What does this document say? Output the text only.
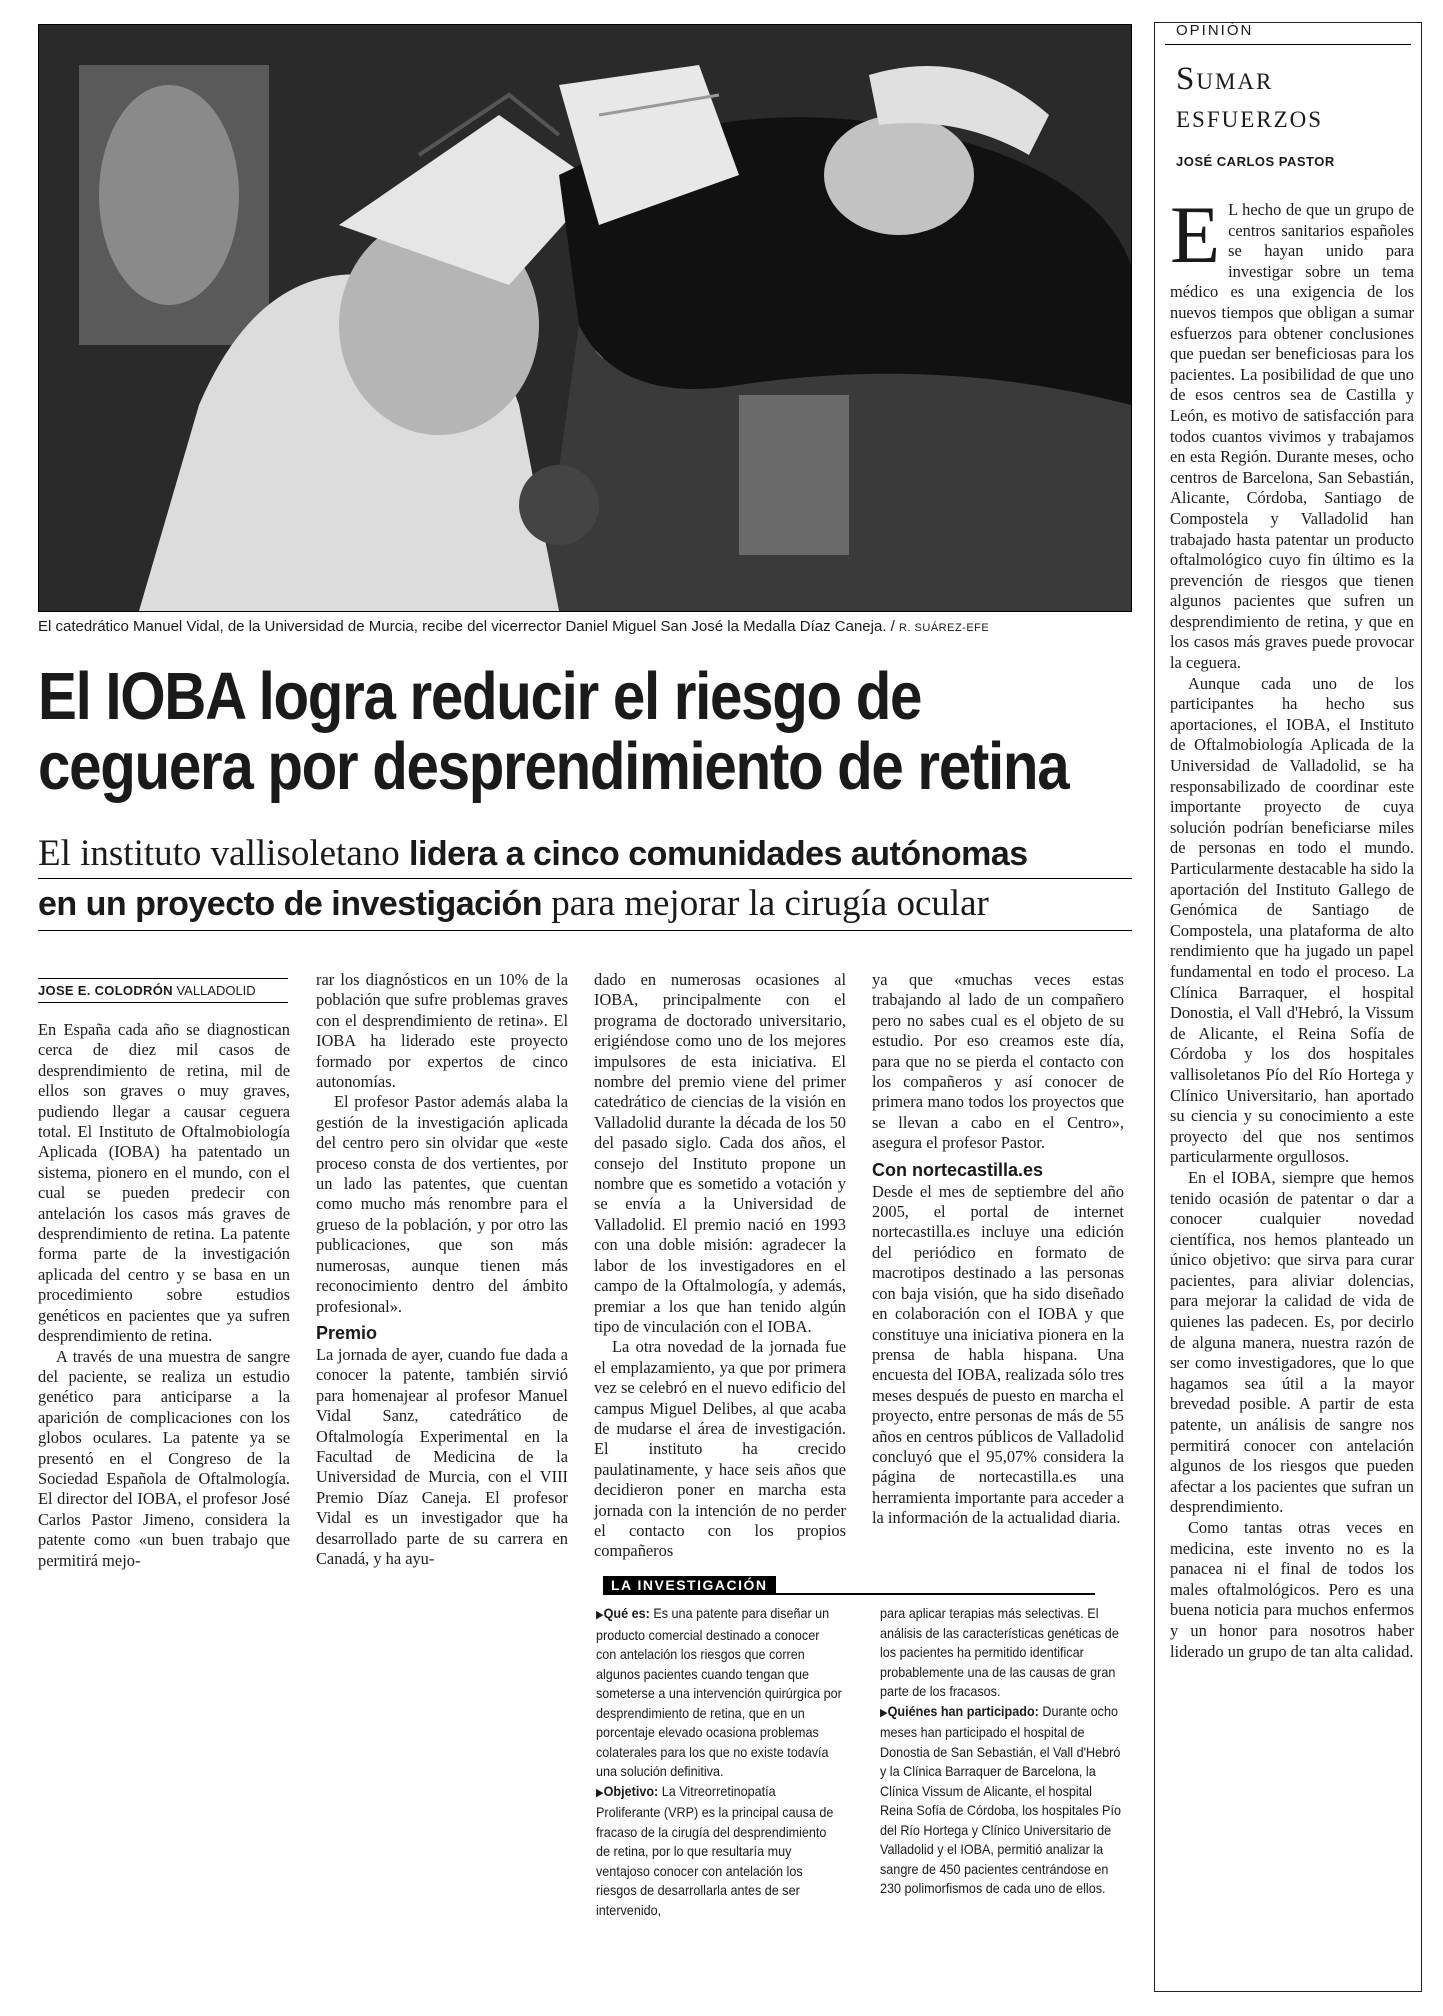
El catedrático Manuel Vidal, de la Universidad de Murcia, recibe del vicerrector Daniel Miguel San José la Medalla Díaz Caneja. / R. SUÁREZ-EFE
El IOBA logra reducir el riesgo de
ceguera por desprendimiento de retina
El instituto vallisoletano lidera a cinco comunidades autónomas
en un proyecto de investigación para mejorar la cirugía ocular
JOSE E. COLODRÓN VALLADOLID

En España cada año se diagnostican cerca de diez mil casos de desprendimiento de retina, mil de ellos son graves o muy graves, pudiendo llegar a causar ceguera total. El Instituto de Oftalmobiología Aplicada (IOBA) ha patentado un sistema, pionero en el mundo, con el cual se pueden predecir con antelación los casos más graves de desprendimiento de retina. La patente forma parte de la investigación aplicada del centro y se basa en un procedimiento sobre estudios genéticos en pacientes que ya sufren desprendimiento de retina.

A través de una muestra de sangre del paciente, se realiza un estudio genético para anticiparse a la aparición de complicaciones con los globos oculares. La patente ya se presentó en el Congreso de la Sociedad Española de Oftalmología. El director del IOBA, el profesor José Carlos Pastor Jimeno, considera la patente como «un buen trabajo que permitirá mejo-

rar los diagnósticos en un 10% de la población que sufre problemas graves con el desprendimiento de retina». El IOBA ha liderado este proyecto formado por expertos de cinco autonomías.

El profesor Pastor además alaba la gestión de la investigación aplicada del centro pero sin olvidar que «este proceso consta de dos vertientes, por un lado las patentes, que cuentan como mucho más renombre para el grueso de la población, y por otro las publicaciones, que son más numerosas, aunque tienen más reconocimiento dentro del ámbito profesional».

Premio

La jornada de ayer, cuando fue dada a conocer la patente, también sirvió para homenajear al profesor Manuel Vidal Sanz, catedrático de Oftalmología Experimental en la Facultad de Medicina de la Universidad de Murcia, con el VIII Premio Díaz Caneja. El profesor Vidal es un investigador que ha desarrollado parte de su carrera en Canadá, y ha ayu-

dado en numerosas ocasiones al IOBA, principalmente con el programa de doctorado universitario, erigiéndose como uno de los mejores impulsores de esta iniciativa. El nombre del premio viene del primer catedrático de ciencias de la visión en Valladolid durante la década de los 50 del pasado siglo. Cada dos años, el consejo del Instituto propone un nombre que es sometido a votación y se envía a la Universidad de Valladolid. El premio nació en 1993 con una doble misión: agradecer la labor de los investigadores en el campo de la Oftalmología, y además, premiar a los que han tenido algún tipo de vinculación con el IOBA.

La otra novedad de la jornada fue el emplazamiento, ya que por primera vez se celebró en el nuevo edificio del campus Miguel Delibes, al que acaba de mudarse el área de investigación. El instituto ha crecido paulatinamente, y hace seis años que decidieron poner en marcha esta jornada con la intención de no perder el contacto con los propios compañeros

ya que «muchas veces estas trabajando al lado de un compañero pero no sabes cual es el objeto de su estudio. Por eso creamos este día, para que no se pierda el contacto con los compañeros y así conocer de primera mano todos los proyectos que se llevan a cabo en el Centro», asegura el profesor Pastor.

Con nortecastilla.es

Desde el mes de septiembre del año 2005, el portal de internet nortecastilla.es incluye una edición del periódico en formato de macrotipos destinado a las personas con baja visión, que ha sido diseñado en colaboración con el IOBA y que constituye una iniciativa pionera en la prensa de habla hispana. Una encuesta del IOBA, realizada sólo tres meses después de puesto en marcha el proyecto, entre personas de más de 55 años en centros públicos de Valladolid concluyó que el 95,07% considera la página de nortecastilla.es una herramienta importante para acceder a la información de la actualidad diaria.

LA INVESTIGACIÓN

▶Qué es: Es una patente para diseñar un producto comercial destinado a conocer con antelación los riesgos que corren algunos pacientes cuando tengan que someterse a una intervención quirúrgica por desprendimiento de retina, que en un porcentaje elevado ocasiona problemas colaterales para los que no existe todavía una solución definitiva.

▶Objetivo: La Vitreorretinopatía Proliferante (VRP) es la principal causa de fracaso de la cirugía del desprendimiento de retina, por lo que resultaría muy ventajoso conocer con antelación los riesgos de desarrollarla antes de ser intervenido,

para aplicar terapias más selectivas. El análisis de las características genéticas de los pacientes ha permitido identificar probablemente una de las causas de gran parte de los fracasos.

▶Quiénes han participado: Durante ocho meses han participado el hospital de Donostia de San Sebastián, el Vall d'Hebró y la Clínica Barraquer de Barcelona, la Clínica Vissum de Alicante, el hospital Reina Sofía de Córdoba, los hospitales Pío del Río Hortega y Clínico Universitario de Valladolid y el IOBA, permitió analizar la sangre de 450 pacientes centrándose en 230 polimorfismos de cada uno de ellos.

OPINIÓN
Sumar
esfuerzos
JOSÉ CARLOS PASTOR

E L hecho de que un grupo de centros sanitarios españoles se hayan unido para investigar sobre un tema médico es una exigencia de los nuevos tiempos que obligan a sumar esfuerzos para obtener conclusiones que puedan ser beneficiosas para los pacientes. La posibilidad de que uno de esos centros sea de Castilla y León, es motivo de satisfacción para todos cuantos vivimos y trabajamos en esta Región. Durante meses, ocho centros de Barcelona, San Sebastián, Alicante, Córdoba, Santiago de Compostela y Valladolid han trabajado hasta patentar un producto oftalmológico cuyo fin último es la prevención de riesgos que tienen algunos pacientes que sufren un desprendimiento de retina, y que en los casos más graves puede provocar la ceguera.

Aunque cada uno de los participantes ha hecho sus aportaciones, el IOBA, el Instituto de Oftalmobiología Aplicada de la Universidad de Valladolid, se ha responsabilizado de coordinar este importante proyecto de cuya solución podrían beneficiarse miles de personas en todo el mundo. Particularmente destacable ha sido la aportación del Instituto Gallego de Genómica de Santiago de Compostela, una plataforma de alto rendimiento que ha jugado un papel fundamental en todo el proceso. La Clínica Barraquer, el hospital Donostia, el Vall d'Hebró, la Vissum de Alicante, el Reina Sofía de Córdoba y los dos hospitales vallisoletanos Pío del Río Hortega y Clínico Universitario, han aportado su ciencia y su conocimiento a este proyecto del que nos sentimos particularmente orgullosos.

En el IOBA, siempre que hemos tenido ocasión de patentar o dar a conocer cualquier novedad científica, nos hemos planteado un único objetivo: que sirva para curar pacientes, para aliviar dolencias, para mejorar la calidad de vida de quienes las padecen. Es, por decirlo de alguna manera, nuestra razón de ser como investigadores, que lo que hagamos sea útil a la mayor brevedad posible. A partir de esta patente, un análisis de sangre nos permitirá conocer con antelación algunos de los riesgos que pueden afectar a los pacientes que sufran un desprendimiento.

Como tantas otras veces en medicina, este invento no es la panacea ni el final de todos los males oftalmológicos. Pero es una buena noticia para muchos enfermos y un honor para nosotros haber liderado un grupo de tan alta calidad.
